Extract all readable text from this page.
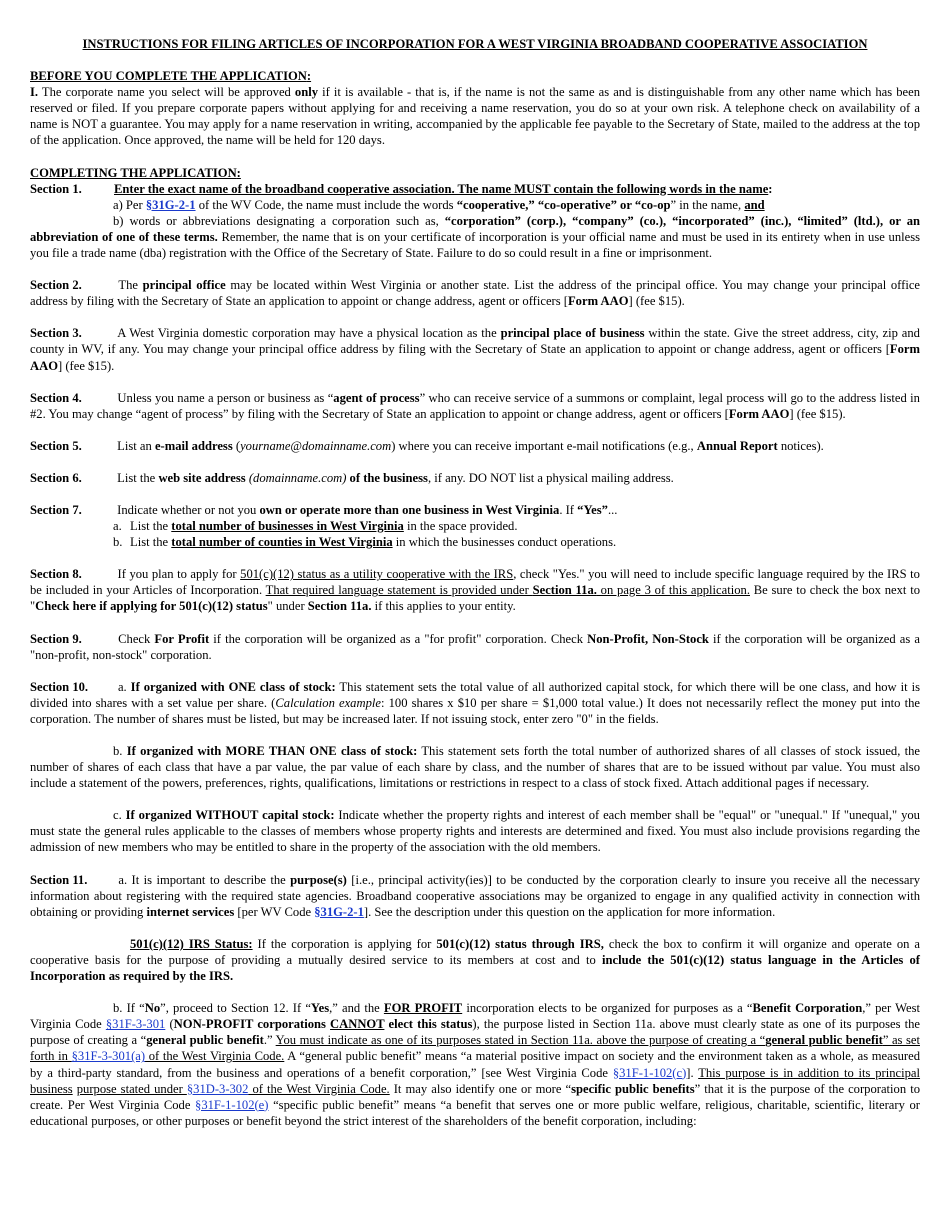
INSTRUCTIONS FOR FILING ARTICLES OF INCORPORATION FOR A WEST VIRGINIA BROADBAND COOPERATIVE ASSOCIATION

BEFORE YOU COMPLETE THE APPLICATION:

I. The corporate name you select will be approved only if it is available - that is, if the name is not the same as and is distinguishable from any other name which has been reserved or filed. If you prepare corporate papers without applying for and receiving a name reservation, you do so at your own risk. A telephone check on availability of a name is NOT a guarantee. You may apply for a name reservation in writing, accompanied by the applicable fee payable to the Secretary of State, mailed to the address at the top of the application. Once approved, the name will be held for 120 days.

COMPLETING THE APPLICATION:

Section 1.	Enter the exact name of the broadband cooperative association. The name MUST contain the following words in the name:

a) Per §31G-2-1 of the WV Code, the name must include the words “cooperative,” “co-operative” or “co-op” in the name, and

b) words or abbreviations designating a corporation such as, “corporation” (corp.), “company” (co.), “incorporated” (inc.), “limited” (ltd.), or an abbreviation of one of these terms. Remember, the name that is on your certificate of incorporation is your official name and must be used in its entirety when in use unless you file a trade name (dba) registration with the Office of the Secretary of State. Failure to do so could result in a fine or imprisonment.

Section 2.	The principal office may be located within West Virginia or another state. List the address of the principal office. You may change your principal office address by filing with the Secretary of State an application to appoint or change address, agent or officers [Form AAO] (fee $15).

Section 3.	A West Virginia domestic corporation may have a physical location as the principal place of business within the state. Give the street address, city, zip and county in WV, if any. You may change your principal office address by filing with the Secretary of State an application to appoint or change address, agent or officers [Form AAO] (fee $15).

Section 4.	Unless you name a person or business as “agent of process” who can receive service of a summons or complaint, legal process will go to the address listed in #2. You may change “agent of process” by filing with the Secretary of State an application to appoint or change address, agent or officers [Form AAO] (fee $15).

Section 5.	List an e-mail address (yourname@domainname.com) where you can receive important e-mail notifications (e.g., Annual Report notices).

Section 6.	List the web site address (domainname.com) of the business, if any. DO NOT list a physical mailing address.

Section 7.	Indicate whether or not you own or operate more than one business in West Virginia. If “Yes”...

a. List the total number of businesses in West Virginia in the space provided.

b. List the total number of counties in West Virginia in which the businesses conduct operations.

Section 8.	If you plan to apply for 501(c)(12) status as a utility cooperative with the IRS, check "Yes." you will need to include specific language required by the IRS to be included in your Articles of Incorporation. That required language statement is provided under Section 11a. on page 3 of this application. Be sure to check the box next to "Check here if applying for 501(c)(12) status" under Section 11a. if this applies to your entity.

Section 9.	Check For Profit if the corporation will be organized as a "for profit" corporation. Check Non-Profit, Non-Stock if the corporation will be organized as a "non-profit, non-stock" corporation.

Section 10. a. If organized with ONE class of stock: This statement sets the total value of all authorized capital stock, for which there will be one class, and how it is divided into shares with a set value per share. (Calculation example: 100 shares x $10 per share = $1,000 total value.) It does not necessarily reflect the money put into the corporation. The number of shares must be listed, but may be increased later. If not issuing stock, enter zero "0" in the fields.

b. If organized with MORE THAN ONE class of stock: This statement sets forth the total number of authorized shares of all classes of stock issued, the number of shares of each class that have a par value, the par value of each share by class, and the number of shares that are to be issued without par value. You must also include a statement of the powers, preferences, rights, qualifications, limitations or restrictions in respect to a class of stock fixed. Attach additional pages if necessary.

c. If organized WITHOUT capital stock: Indicate whether the property rights and interest of each member shall be "equal" or "unequal." If "unequal," you must state the general rules applicable to the classes of members whose property rights and interests are determined and fixed. You must also include provisions regarding the admission of new members who may be entitled to share in the property of the association with the old members.

Section 11. a. It is important to describe the purpose(s) [i.e., principal activity(ies)] to be conducted by the corporation clearly to insure you receive all the necessary information about registering with the required state agencies. Broadband cooperative associations may be organized to engage in any qualified activity in connection with obtaining or providing internet services [per WV Code §31G-2-1]. See the description under this question on the application for more information.

501(c)(12) IRS Status: If the corporation is applying for 501(c)(12) status through IRS, check the box to confirm it will organize and operate on a cooperative basis for the purpose of providing a mutually desired service to its members at cost and to include the 501(c)(12) status language in the Articles of Incorporation as required by the IRS.

b. If “No”, proceed to Section 12. If “Yes,” and the FOR PROFIT incorporation elects to be organized for purposes as a “Benefit Corporation,” per West Virginia Code §31F-3-301 (NON-PROFIT corporations CANNOT elect this status), the purpose listed in Section 11a. above must clearly state as one of its purposes the purpose of creating a “general public benefit.” You must indicate as one of its purposes stated in Section 11a. above the purpose of creating a “general public benefit” as set forth in §31F-3-301(a) of the West Virginia Code. A “general public benefit” means “a material positive impact on society and the environment taken as a whole, as measured by a third-party standard, from the business and operations of a benefit corporation,” [see West Virginia Code §31F-1-102(c)]. This purpose is in addition to its principal business purpose stated under §31D-3-302 of the West Virginia Code. It may also identify one or more “specific public benefits” that it is the purpose of the corporation to create. Per West Virginia Code §31F-1-102(e) “specific public benefit” means “a benefit that serves one or more public welfare, religious, charitable, scientific, literary or educational purposes, or other purposes or benefit beyond the strict interest of the shareholders of the benefit corporation, including:
